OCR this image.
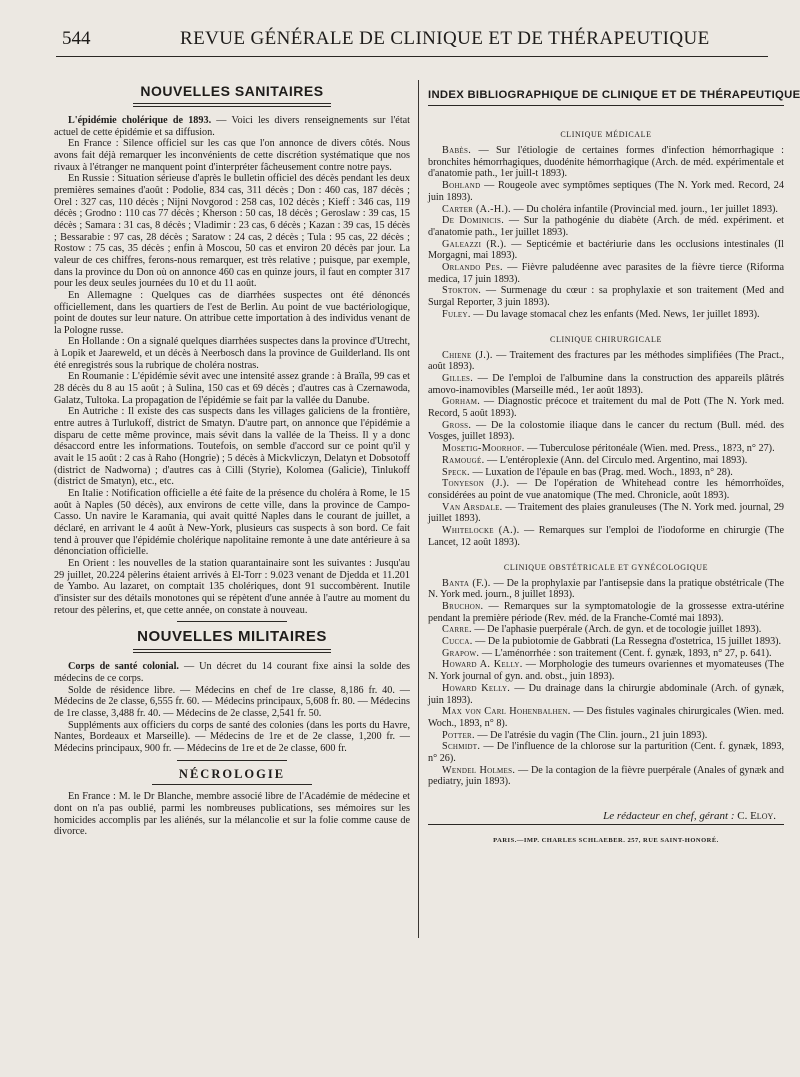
544	REVUE GÉNÉRALE DE CLINIQUE ET DE THÉRAPEUTIQUE
NOUVELLES SANITAIRES

L'épidémie cholérique de 1893. — Voici les divers renseignements sur l'état actuel de cette épidémie et sa diffusion.

En France : Silence officiel sur les cas que l'on annonce de divers côtés. Nous avons fait déjà remarquer les inconvénients de cette discrétion systématique que nos rivaux à l'étranger ne manquent point d'interpréter fâcheusement contre notre pays.

En Russie : Situation sérieuse d'après le bulletin officiel des décès pendant les deux premières semaines d'août : Podolie, 834 cas, 311 décès ; Don : 460 cas, 187 décès ; Orel : 327 cas, 110 décès ; Nijni Novgorod : 258 cas, 102 décès ; Kieff : 346 cas, 119 décès ; Grodno : 110 cas 77 décès ; Kherson : 50 cas, 18 décès ; Geroslaw : 39 cas, 15 décès ; Samara : 31 cas, 8 décès ; Vladimir : 23 cas, 6 décès ; Kazan : 39 cas, 15 décès ; Bessarabie : 97 cas, 28 décès ; Saratow : 24 cas, 2 décès ; Tula : 95 cas, 22 décès ; Rostow : 75 cas, 35 décès ; enfin à Moscou, 50 cas et environ 20 décès par jour. La valeur de ces chiffres, ferons-nous remarquer, est très relative ; puisque, par exemple, dans la province du Don où on annonce 460 cas en quinze jours, il faut en compter 317 pour les deux seules journées du 10 et du 11 août.

En Allemagne : Quelques cas de diarrhées suspectes ont été dénoncés officiellement, dans les quartiers de l'est de Berlin. Au point de vue bactériologique, point de doutes sur leur nature. On attribue cette importation à des individus venant de la Pologne russe.

En Hollande : On a signalé quelques diarrhées suspectes dans la province d'Utrecht, à Lopik et Jaareweld, et un décès à Neerbosch dans la province de Guilderland. Ils ont été enregistrés sous la rubrique de choléra nostras.

En Roumanie : L'épidémie sévit avec une intensité assez grande : à Braïla, 99 cas et 28 décès du 8 au 15 août ; à Sulina, 150 cas et 69 décès ; d'autres cas à Czernawoda, Galatz, Tultoka. La propagation de l'épidémie se fait par la vallée du Danube.

En Autriche : Il existe des cas suspects dans les villages galiciens de la frontière, entre autres à Turlukoff, district de Smatyn. D'autre part, on annonce que l'épidémie a disparu de cette même province, mais sévit dans la vallée de la Theiss. Il y a donc désaccord entre les informations. Toutefois, on semble d'accord sur ce point qu'il y avait le 15 août : 2 cas à Raho (Hongrie) ; 5 décès à Mickvliczyn, Delatyn et Dobsotoff (district de Nadworna) ; d'autres cas à Cilli (Styrie), Kolomea (Galicie), Tinlukoff (district de Smatyn), etc., etc.

En Italie : Notification officielle a été faite de la présence du choléra à Rome, le 15 août à Naples (50 décès), aux environs de cette ville, dans la province de Campo-Casso. Un navire le Karamania, qui avait quitté Naples dans le courant de juillet, a déclaré, en arrivant le 4 août à New-York, plusieurs cas suspects à son bord. Ce fait tend à prouver que l'épidémie cholérique napolitaine remonte à une date antérieure à sa dénonciation officielle.

En Orient : les nouvelles de la station quarantainaire sont les suivantes : Jusqu'au 29 juillet, 20.224 pèlerins étaient arrivés à El-Torr : 9.023 venant de Djedda et 11.201 de Yambo. Au lazaret, on comptait 135 cholériques, dont 91 succombèrent. Inutile d'insister sur des détails monotones qui se répètent d'une année à l'autre au moment du retour des pèlerins, et, que cette année, on constate à nouveau.

NOUVELLES MILITAIRES

Corps de santé colonial. — Un décret du 14 courant fixe ainsi la solde des médecins de ce corps.

Solde de résidence libre. — Médecins en chef de 1re classe, 8,186 fr. 40. — Médecins de 2e classe, 6,555 fr. 60. — Médecins principaux, 5,608 fr. 80. — Médecins de 1re classe, 3,488 fr. 40. — Médecins de 2e classe, 2,541 fr. 50.

Suppléments aux officiers du corps de santé des colonies (dans les ports du Havre, Nantes, Bordeaux et Marseille). — Médecins de 1re et de 2e classe, 1,200 fr. — Médecins principaux, 900 fr. — Médecins de 1re et de 2e classe, 600 fr.

NÉCROLOGIE

En France : M. le Dr Blanche, membre associé libre de l'Académie de médecine et dont on n'a pas oublié, parmi les nombreuses publications, ses mémoires sur les homicides accomplis par les aliénés, sur la mélancolie et sur la folie comme cause de divorce.

INDEX BIBLIOGRAPHIQUE DE CLINIQUE ET DE THÉRAPEUTIQUE
CLINIQUE MÉDICALE

Babès. — Sur l'étiologie de certaines formes d'infection hémorrhagique : bronchites hémorrhagiques, duodénite hémorrhagique (Arch. de méd. expérimentale et d'anatomie path., 1er juill-t 1893).

Bohland — Rougeole avec symptômes septiques (The N. York med. Record, 24 juin 1893).

Carter (A.-H.). — Du choléra infantile (Provincial med. journ., 1er juillet 1893).

De Dominicis. — Sur la pathogénie du diabète (Arch. de méd. expériment. et d'anatomie path., 1er juillet 1893).

Galeazzi (R.). — Septicémie et bactériurie dans les occlusions intestinales (Il Morgagni, mai 1893).

Orlando Pes. — Fièvre paludéenne avec parasites de la fièvre tierce (Riforma medica, 17 juin 1893).

Stokton. — Surmenage du cœur : sa prophylaxie et son traitement (Med and Surgal Reporter, 3 juin 1893).

Fuley. — Du lavage stomacal chez les enfants (Med. News, 1er juillet 1893).

CLINIQUE CHIRURGICALE

Chiene (J.). — Traitement des fractures par les méthodes simplifiées (The Pract., août 1893).

Gilles. — De l'emploi de l'albumine dans la construction des appareils plâtrés amovo-inamovibles (Marseille méd., 1er août 1893).

Gorham. — Diagnostic précoce et traitement du mal de Pott (The N. York med. Record, 5 août 1893).

Gross. — De la colostomie iliaque dans le cancer du rectum (Bull. méd. des Vosges, juillet 1893).

Mosetig-Moorhof. — Tuberculose péritonéale (Wien. med. Press., 18?3, n° 27).

Ramougé. — L'entéroplexie (Ann. del Circulo med. Argentino, mai 1893).

Speck. — Luxation de l'épaule en bas (Prag. med. Woch., 1893, n° 28).

Tonyeson (J.). — De l'opération de Whitehead contre les hémorrhoïdes, considérées au point de vue anatomique (The med. Chronicle, août 1893).

Van Arsdale. — Traitement des plaies granuleuses (The N. York med. journal, 29 juillet 1893).

Whitelocke (A.). — Remarques sur l'emploi de l'iodoforme en chirurgie (The Lancet, 12 août 1893).

CLINIQUE OBSTÉTRICALE ET GYNÉCOLOGIQUE

Banta (F.). — De la prophylaxie par l'antisepsie dans la pratique obstétricale (The N. York med. journ., 8 juillet 1893).

Bruchon. — Remarques sur la symptomatologie de la grossesse extra-utérine pendant la première période (Rev. méd. de la Franche-Comté mai 1893).

Carre. — De l'aphasie puerpérale (Arch. de gyn. et de tocologie juillet 1893).

Cucca. — De la pubiotomie de Gabbrati (La Ressegna d'ostetrica, 15 juillet 1893).

Grapow. — L'aménorrhée : son traitement (Cent. f. gynæk, 1893, n° 27, p. 641).

Howard A. Kelly. — Morphologie des tumeurs ovariennes et myomateuses (The N. York journal of gyn. and. obst., juin 1893).

Howard Kelly. — Du drainage dans la chirurgie abdominale (Arch. of gynæk, juin 1893).

Max von Carl Hohenbalhen. — Des fistules vaginales chirurgicales (Wien. med. Woch., 1893, n° 8).

Potter. — De l'atrésie du vagin (The Clin. journ., 21 juin 1893).

Schmidt. — De l'influence de la chlorose sur la parturition (Cent. f. gynæk, 1893, n° 26).

Wendel Holmes. — De la contagion de la fièvre puerpérale (Anales of gynæk and pediatry, juin 1893).

Le rédacteur en chef, gérant : C. Eloy.
PARIS.—IMP. CHARLES SCHLAEBER. 257, RUE SAINT-HONORÉ.
